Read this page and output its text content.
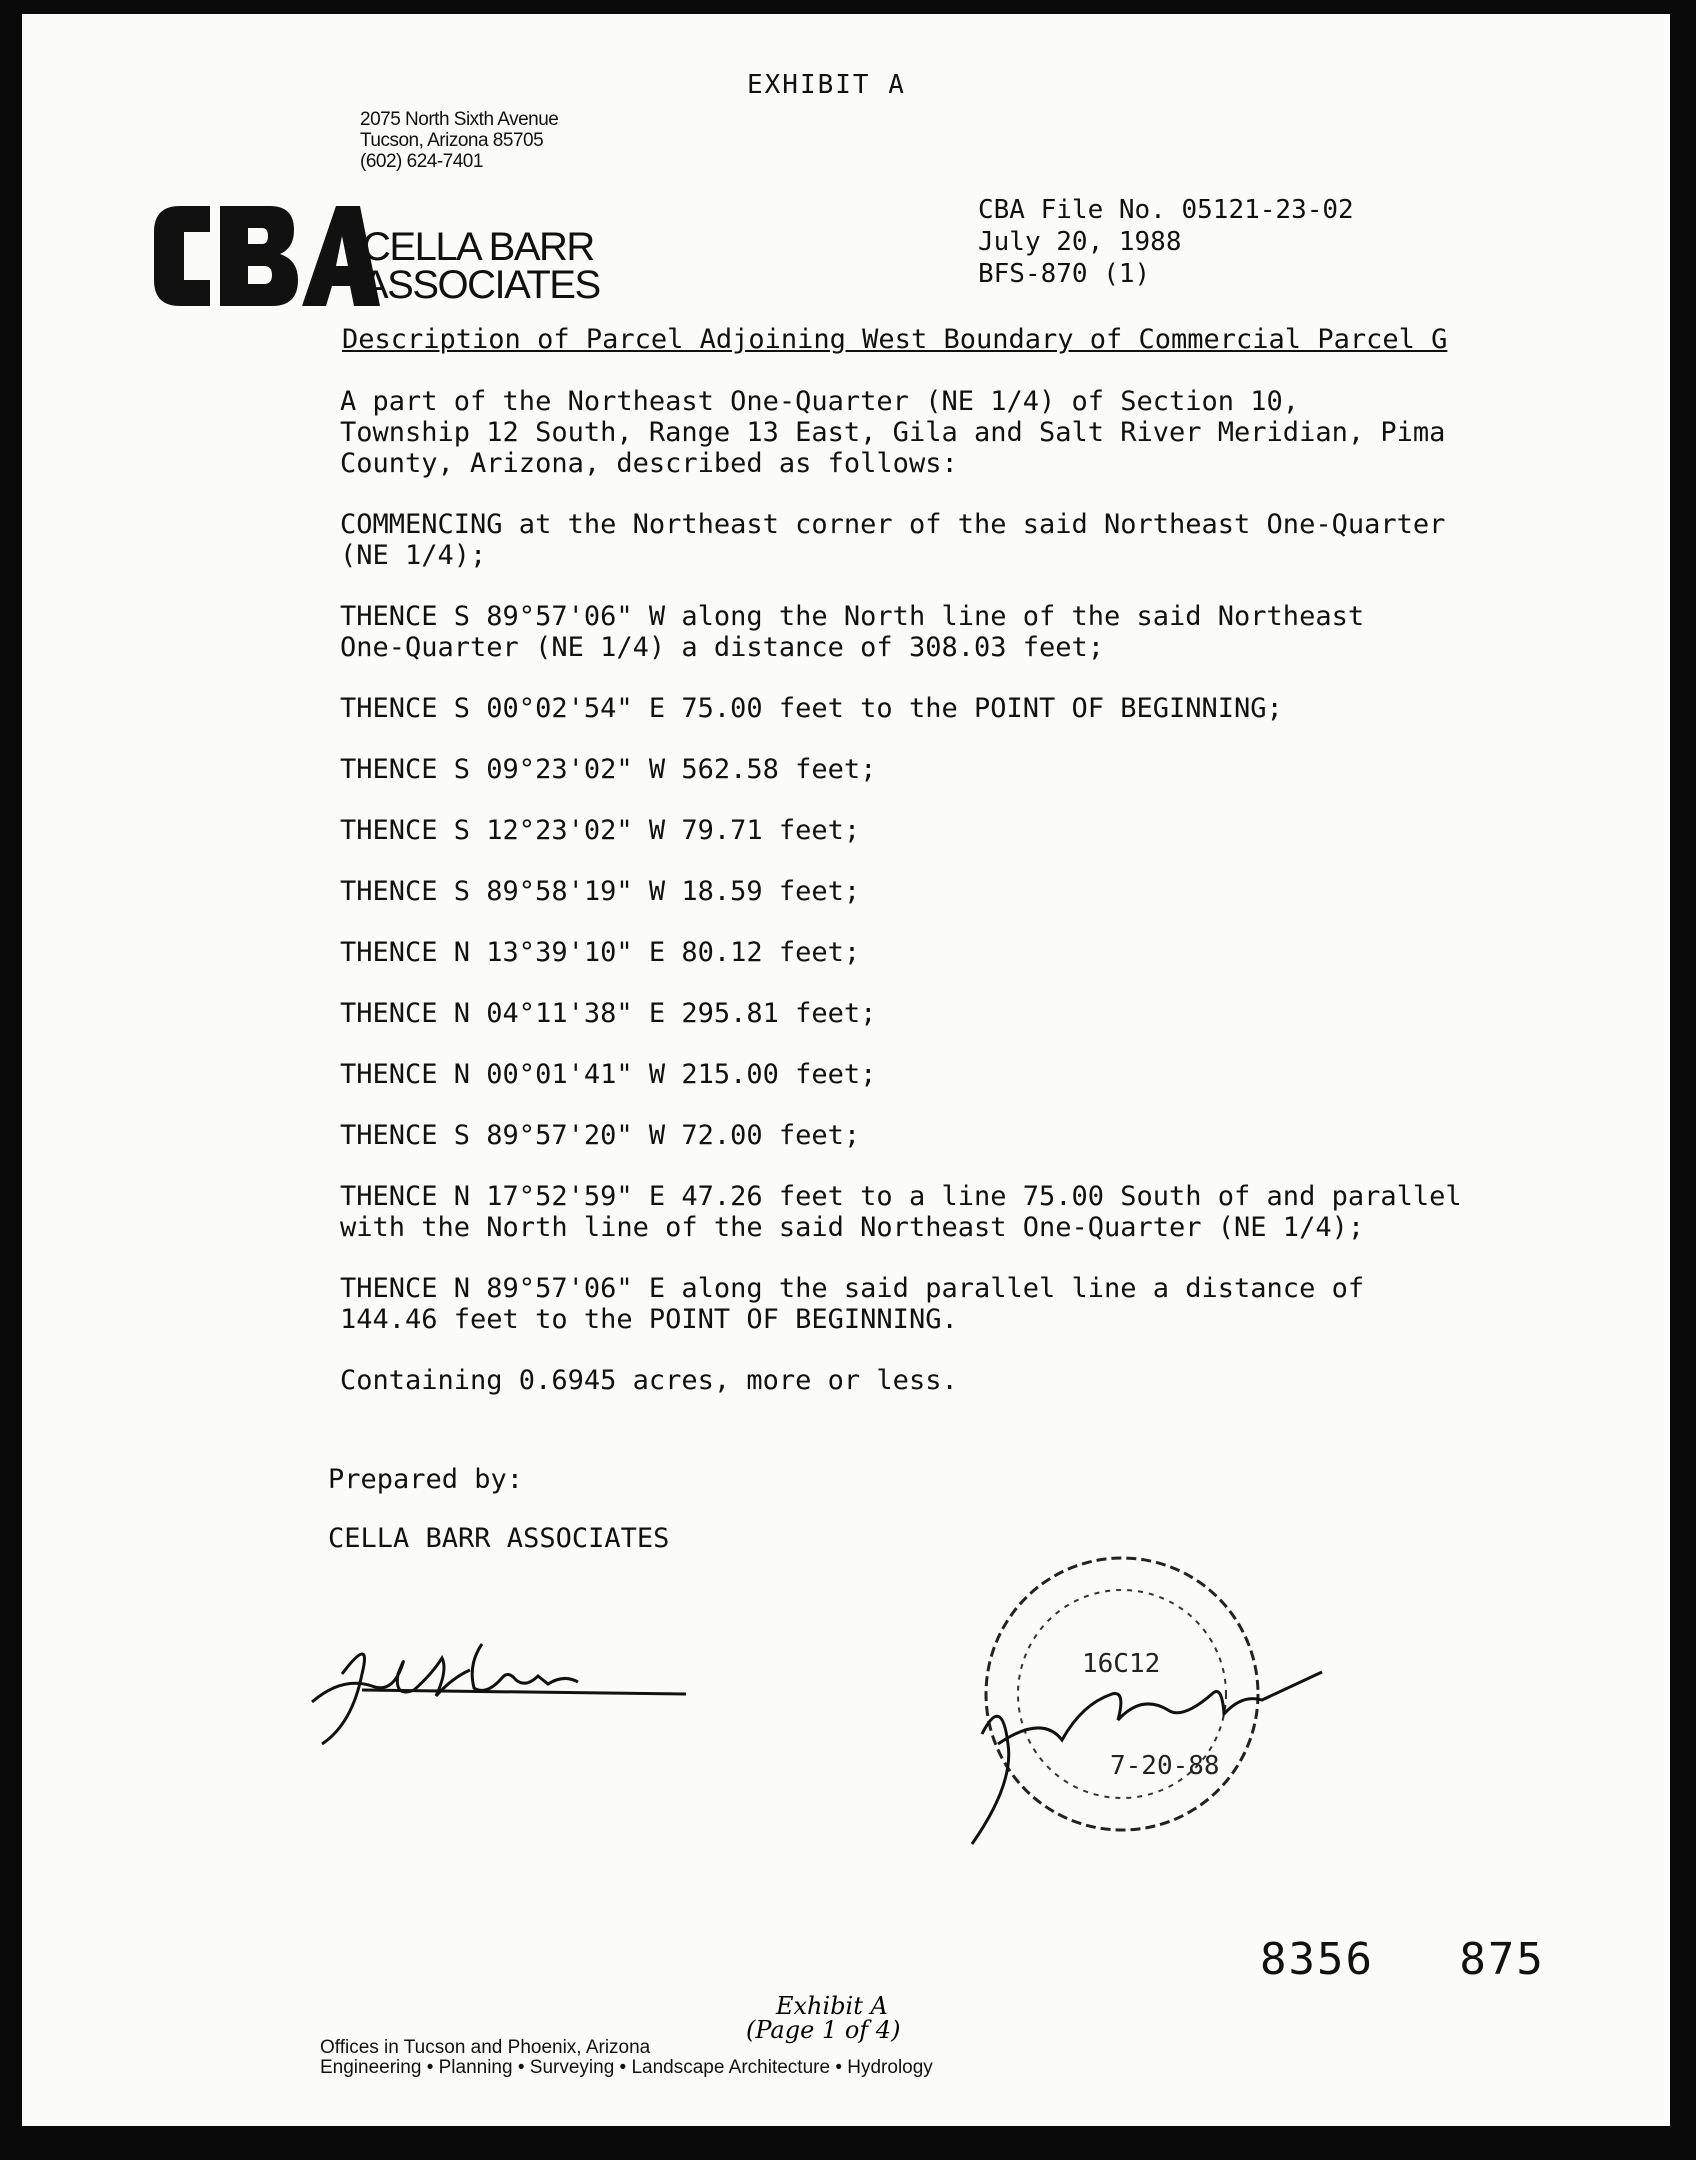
EXHIBIT A
2075 North Sixth Avenue
Tucson, Arizona 85705
(602) 624-7401
CELLA BARR
ASSOCIATES
CBA File No. 05121-23-02
July 20, 1988
BFS-870 (1)
Description of Parcel Adjoining West Boundary of Commercial Parcel G

A part of the Northeast One-Quarter (NE 1/4) of Section 10,
Township 12 South, Range 13 East, Gila and Salt River Meridian, Pima
County, Arizona, described as follows:

COMMENCING at the Northeast corner of the said Northeast One-Quarter
(NE 1/4);

THENCE S 89°57'06" W along the North line of the said Northeast
One-Quarter (NE 1/4) a distance of 308.03 feet;

THENCE S 00°02'54" E 75.00 feet to the POINT OF BEGINNING;

THENCE S 09°23'02" W 562.58 feet;

THENCE S 12°23'02" W 79.71 feet;

THENCE S 89°58'19" W 18.59 feet;

THENCE N 13°39'10" E 80.12 feet;

THENCE N 04°11'38" E 295.81 feet;

THENCE N 00°01'41" W 215.00 feet;

THENCE S 89°57'20" W 72.00 feet;

THENCE N 17°52'59" E 47.26 feet to a line 75.00 South of and parallel
with the North line of the said Northeast One-Quarter (NE 1/4);

THENCE N 89°57'06" E along the said parallel line a distance of
144.46 feet to the POINT OF BEGINNING.

Containing 0.6945 acres, more or less.

Prepared by:

CELLA BARR ASSOCIATES

16C12
7-20-88
8356   875
Exhibit A
(Page 1 of 4)
Offices in Tucson and Phoenix, Arizona
Engineering • Planning • Surveying • Landscape Architecture • Hydrology
